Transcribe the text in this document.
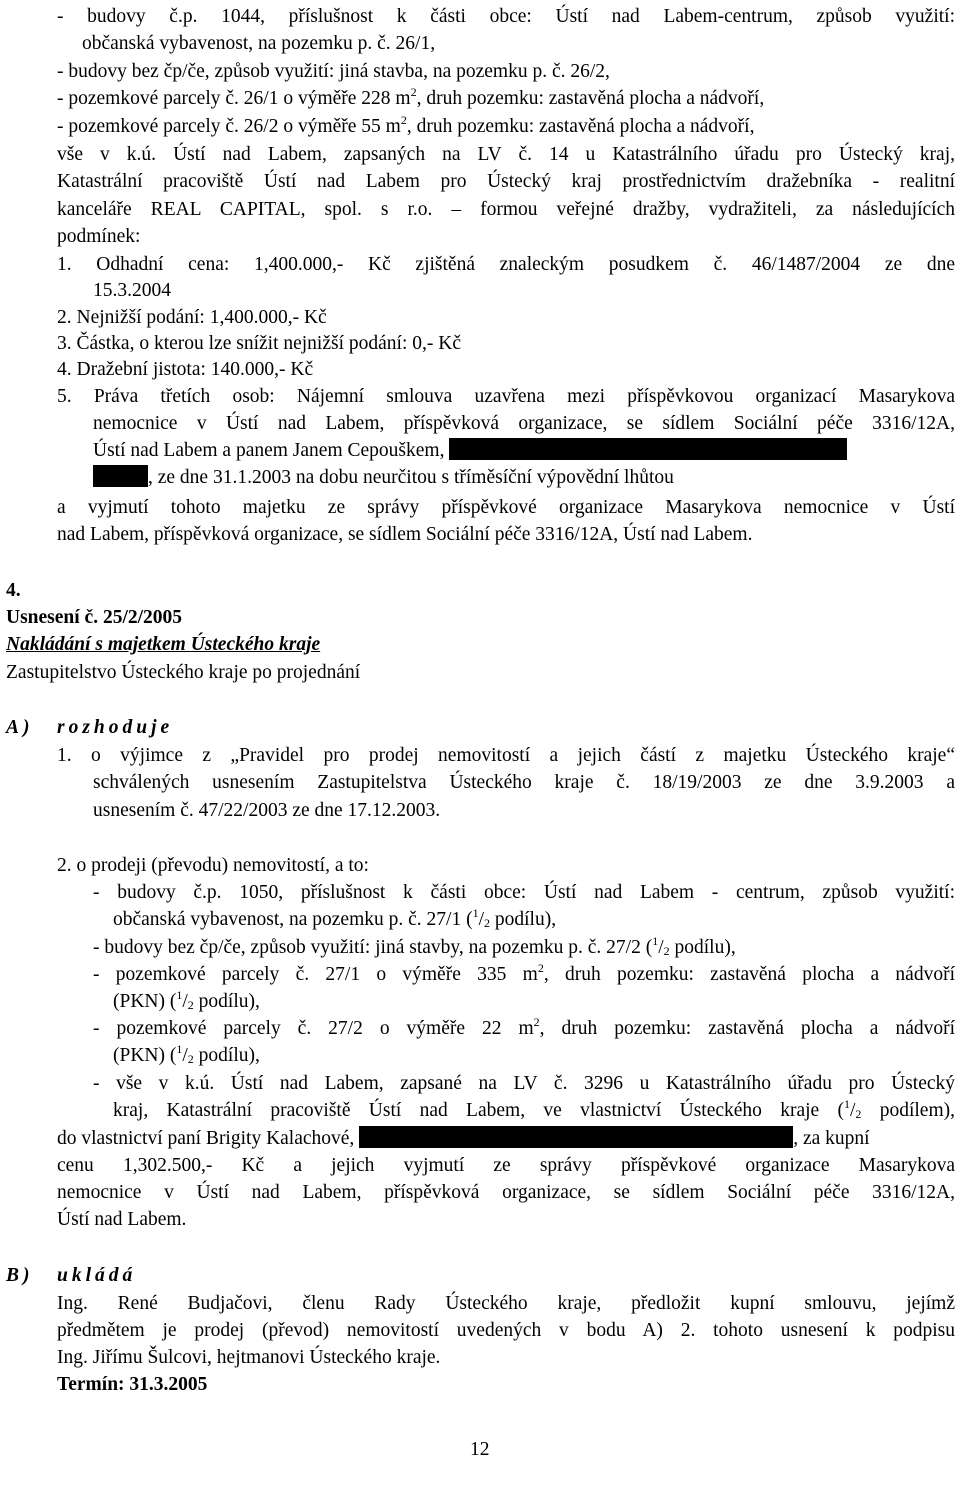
- budovy č.p. 1044, příslušnost k části obce: Ústí nad Labem-centrum, způsob využití:
občanská vybavenost, na pozemku p. č. 26/1,
- budovy bez čp/če, způsob využití: jiná stavba, na pozemku p. č. 26/2,
- pozemkové parcely č. 26/1 o výměře 228 $m^2$, druh pozemku: zastavěná plocha a nádvoří,
- pozemkové parcely č. 26/2 o výměře 55 $m^2$, druh pozemku: zastavěná plocha a nádvoří,
vše v k.ú. Ústí nad Labem, zapsaných na LV č. 14 u Katastrálního úřadu pro Ústecký kraj,
Katastrální pracoviště Ústí nad Labem pro Ústecký kraj prostřednictvím dražebníka - realitní
kanceláře REAL CAPITAL, spol. s r.o. – formou veřejné dražby, vydražiteli, za následujících
podmínek:
1. Odhadní cena: 1,400.000,- Kč zjištěná znaleckým posudkem č. 46/1487/2004 ze dne
15.3.2004
2. Nejnižší podání: 1,400.000,- Kč
3. Částka, o kterou lze snížit nejnižší podání: 0,- Kč
4. Dražební jistota: 140.000,- Kč
5. Práva třetích osob: Nájemní smlouva uzavřena mezi příspěvkovou organizací Masarykova
nemocnice v Ústí nad Labem, příspěvková organizace, se sídlem Sociální péče 3316/12A,
Ústí nad Labem a panem Janem Cepouškem,
, ze dne 31.1.2003 na dobu neurčitou s tříměsíční výpovědní lhůtou
a vyjmutí tohoto majetku ze správy příspěvkové organizace Masarykova nemocnice v Ústí
nad Labem, příspěvková organizace, se sídlem Sociální péče 3316/12A, Ústí nad Labem.
4.
Usnesení č. 25/2/2005
Nakládání s majetkem Ústeckého kraje
Zastupitelstvo Ústeckého kraje po projednání
A) rozhoduje
1. o výjimce z „Pravidel pro prodej nemovitostí a jejich částí z majetku Ústeckého kraje“
schválených usnesením Zastupitelstva Ústeckého kraje č. 18/19/2003 ze dne 3.9.2003 a
usnesením č. 47/22/2003 ze dne 17.12.2003.
2. o prodeji (převodu) nemovitostí, a to:
- budovy č.p. 1050, příslušnost k části obce: Ústí nad Labem - centrum, způsob využití:
občanská vybavenost, na pozemku p. č. 27/1 ($^1/_2$ podílu),
- budovy bez čp/če, způsob využití: jiná stavby, na pozemku p. č. 27/2 ($^1/_2$ podílu),
- pozemkové parcely č. 27/1 o výměře 335 $m^2$, druh pozemku: zastavěná plocha a nádvoří
(PKN) ($^1/_2$ podílu),
- pozemkové parcely č. 27/2 o výměře 22 $m^2$, druh pozemku: zastavěná plocha a nádvoří
(PKN) ($^1/_2$ podílu),
- vše v k.ú. Ústí nad Labem, zapsané na LV č. 3296 u Katastrálního úřadu pro Ústecký
kraj, Katastrální pracoviště Ústí nad Labem, ve vlastnictví Ústeckého kraje ($^1/_2$ podílem),
do vlastnictví paní Brigity Kalachové,	, za kupní
cenu 1,302.500,- Kč a jejich vyjmutí ze správy příspěvkové organizace Masarykova
nemocnice v Ústí nad Labem, příspěvková organizace, se sídlem Sociální péče 3316/12A,
Ústí nad Labem.
B) ukládá
Ing. René Budjačovi, členu Rady Ústeckého kraje, předložit kupní smlouvu, jejímž
předmětem je prodej (převod) nemovitostí uvedených v bodu A) 2. tohoto usnesení k podpisu
Ing. Jiřímu Šulcovi, hejtmanovi Ústeckého kraje.
Termín: 31.3.2005
12
